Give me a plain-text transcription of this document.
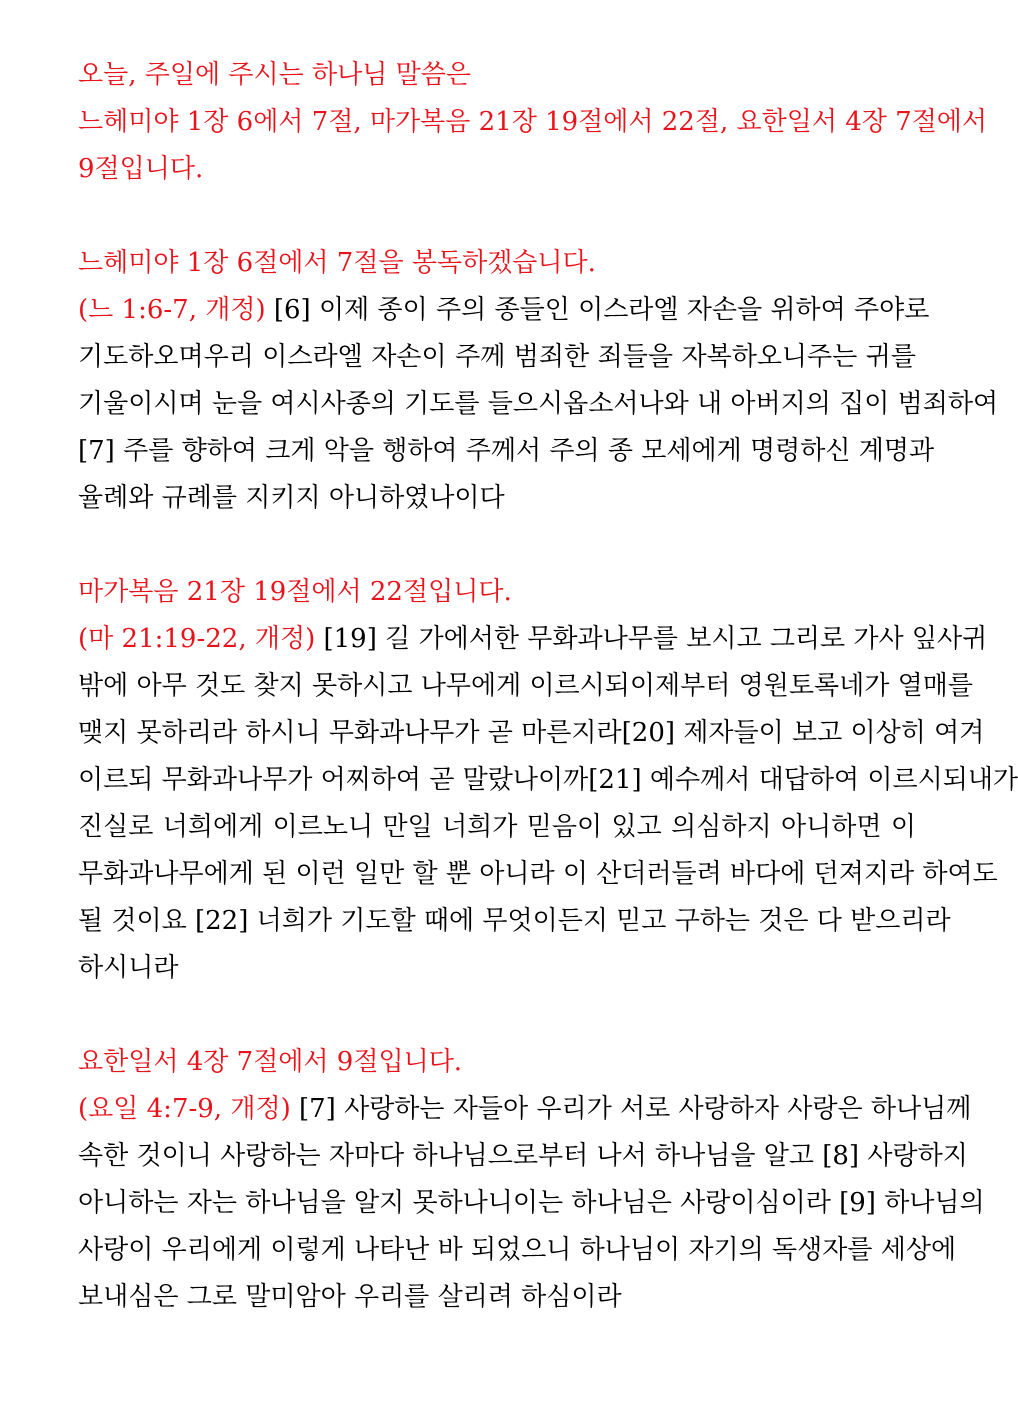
오늘, 주일에 주시는 하나님 말씀은
느헤미야 1장 6에서 7절, 마가복음 21장 19절에서 22절, 요한일서 4장 7절에서
9절입니다.
느헤미야 1장 6절에서 7절을 봉독하겠습니다.
(느 1:6-7, 개정) [6] 이제 종이 주의 종들인 이스라엘 자손을 위하여 주야로
기도하오며우리 이스라엘 자손이 주께 범죄한 죄들을 자복하오니주는 귀를
기울이시며 눈을 여시사종의 기도를 들으시옵소서나와 내 아버지의 집이 범죄하여
[7] 주를 향하여 크게 악을 행하여 주께서 주의 종 모세에게 명령하신 계명과
율례와 규례를 지키지 아니하였나이다
마가복음 21장 19절에서 22절입니다.
(마 21:19-22, 개정) [19] 길 가에서한 무화과나무를 보시고 그리로 가사 잎사귀
밖에 아무 것도 찾지 못하시고 나무에게 이르시되이제부터 영원토록네가 열매를
맺지 못하리라 하시니 무화과나무가 곧 마른지라[20] 제자들이 보고 이상히 여겨
이르되 무화과나무가 어찌하여 곧 말랐나이까[21] 예수께서 대답하여 이르시되내가
진실로 너희에게 이르노니 만일 너희가 믿음이 있고 의심하지 아니하면 이
무화과나무에게 된 이런 일만 할 뿐 아니라 이 산더러들려 바다에 던져지라 하여도
될 것이요 [22] 너희가 기도할 때에 무엇이든지 믿고 구하는 것은 다 받으리라
하시니라
요한일서 4장 7절에서 9절입니다.
(요일 4:7-9, 개정) [7] 사랑하는 자들아 우리가 서로 사랑하자 사랑은 하나님께
속한 것이니 사랑하는 자마다 하나님으로부터 나서 하나님을 알고 [8] 사랑하지
아니하는 자는 하나님을 알지 못하나니이는 하나님은 사랑이심이라 [9] 하나님의
사랑이 우리에게 이렇게 나타난 바 되었으니 하나님이 자기의 독생자를 세상에
보내심은 그로 말미암아 우리를 살리려 하심이라
